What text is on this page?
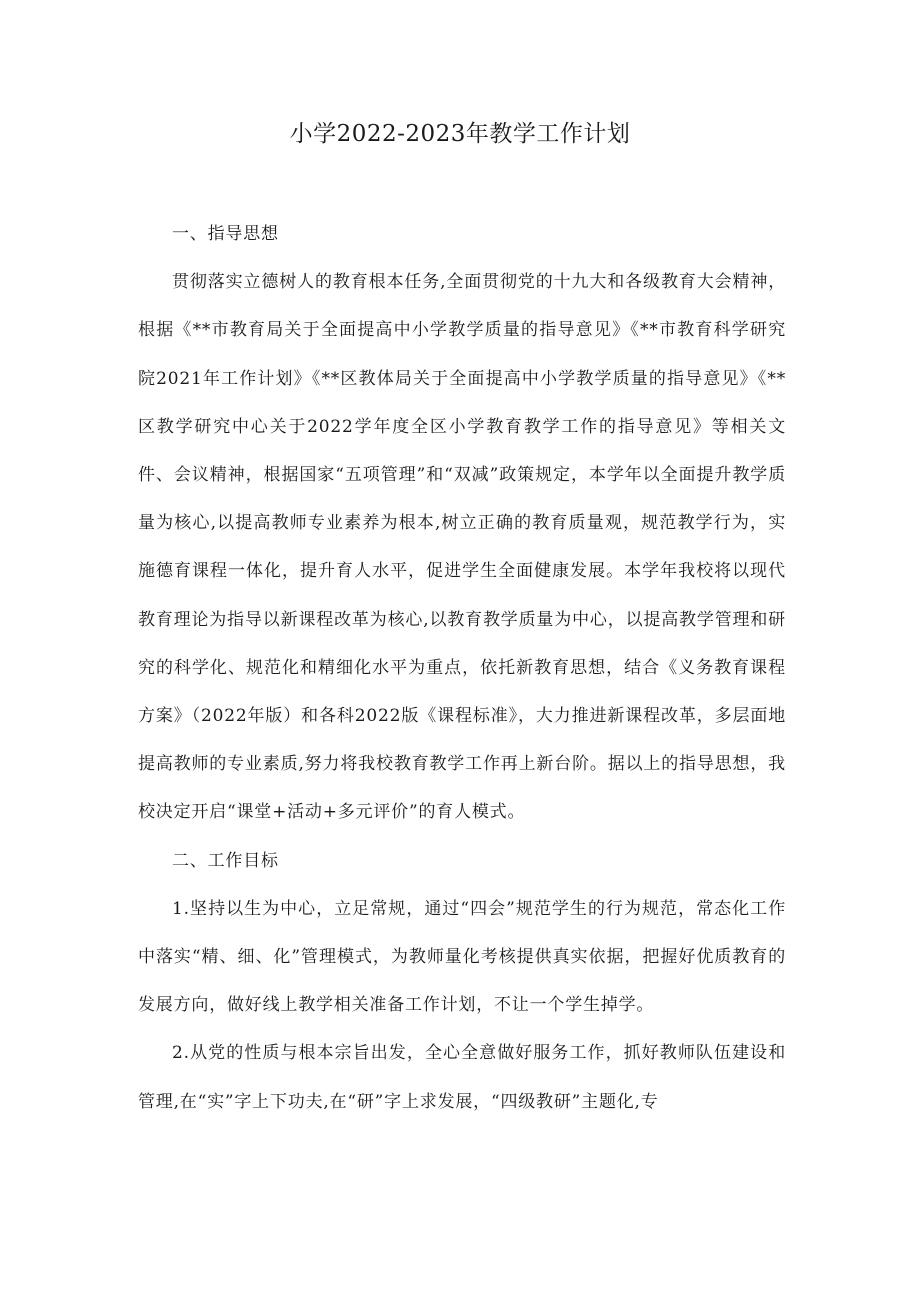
小学2022-2023年教学工作计划
一、指导思想

贯彻落实立德树人的教育根本任务,全面贯彻党的十九大和各级教育大会精神，根据《**市教育局关于全面提高中小学教学质量的指导意见》《**市教育科学研究院2021年工作计划》《**区教体局关于全面提高中小学教学质量的指导意见》《**区教学研究中心关于2022学年度全区小学教育教学工作的指导意见》等相关文件、会议精神，根据国家“五项管理”和“双减”政策规定，本学年以全面提升教学质量为核心,以提高教师专业素养为根本,树立正确的教育质量观，规范教学行为，实施德育课程一体化，提升育人水平，促进学生全面健康发展。本学年我校将以现代教育理论为指导以新课程改革为核心,以教育教学质量为中心，以提高教学管理和研究的科学化、规范化和精细化水平为重点，依托新教育思想，结合《义务教育课程方案》（2022年版）和各科2022版《课程标准》，大力推进新课程改革，多层面地提高教师的专业素质,努力将我校教育教学工作再上新台阶。据以上的指导思想，我校决定开启“课堂+活动+多元评价”的育人模式。

二、工作目标

1.坚持以生为中心，立足常规，通过“四会”规范学生的行为规范，常态化工作中落实“精、细、化”管理模式，为教师量化考核提供真实依据，把握好优质教育的发展方向，做好线上教学相关准备工作计划，不让一个学生掉学。

2.从党的性质与根本宗旨出发，全心全意做好服务工作，抓好教师队伍建设和管理,在“实”字上下功夫,在“研”字上求发展，“四级教研”主题化,专
